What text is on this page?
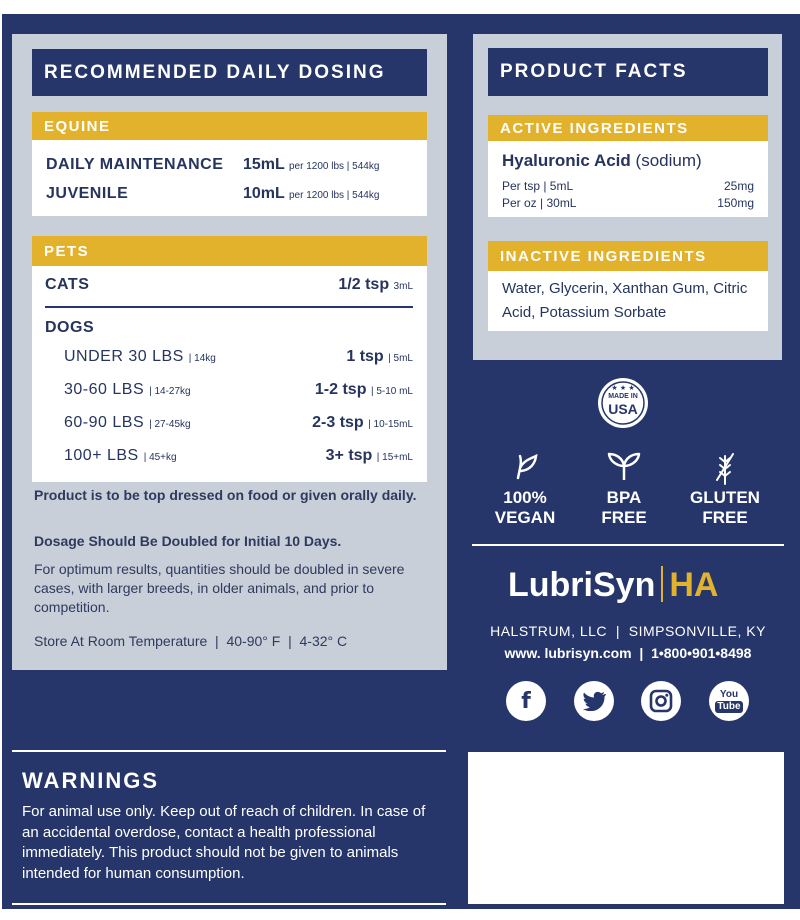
RECOMMENDED DAILY DOSING
EQUINE
DAILY MAINTENANCE 15mL per 1200 lbs | 544kg
JUVENILE	10mL per 1200 lbs | 544kg
PETS
CATS	1/2 tsp 3mL
DOGS
UNDER 30 LBS | 14kg	1 tsp | 5mL
30-60 LBS | 14-27kg	1-2 tsp | 5-10 mL
60-90 LBS | 27-45kg	2-3 tsp | 10-15mL
100+ LBS | 45+kg	3+ tsp | 15+mL
Product is to be top dressed on food or given orally daily.
Dosage Should Be Doubled for Initial 10 Days.
For optimum results, quantities should be doubled in severe cases, with larger breeds, in older animals, and prior to competition.
Store At Room Temperature  |  40-90° F  |  4-32° C
PRODUCT FACTS
ACTIVE INGREDIENTS
Hyaluronic Acid (sodium)
Per tsp | 5mL	25mg
Per oz | 30mL	150mg
INACTIVE INGREDIENTS
Water, Glycerin, Xanthan Gum, Citric Acid, Potassium Sorbate
★ ★ ★
MADE IN
USA
100%
VEGAN
BPA
FREE
GLUTEN
FREE
LubriSyn HA
HALSTRUM, LLC  |  SIMPSONVILLE, KY
www. lubrisyn.com  |  1•800•901•8498
f	You
Tube
WARNINGS
For animal use only. Keep out of reach of children. In case of an accidental overdose, contact a health professional immediately. This product should not be given to animals intended for human consumption.
